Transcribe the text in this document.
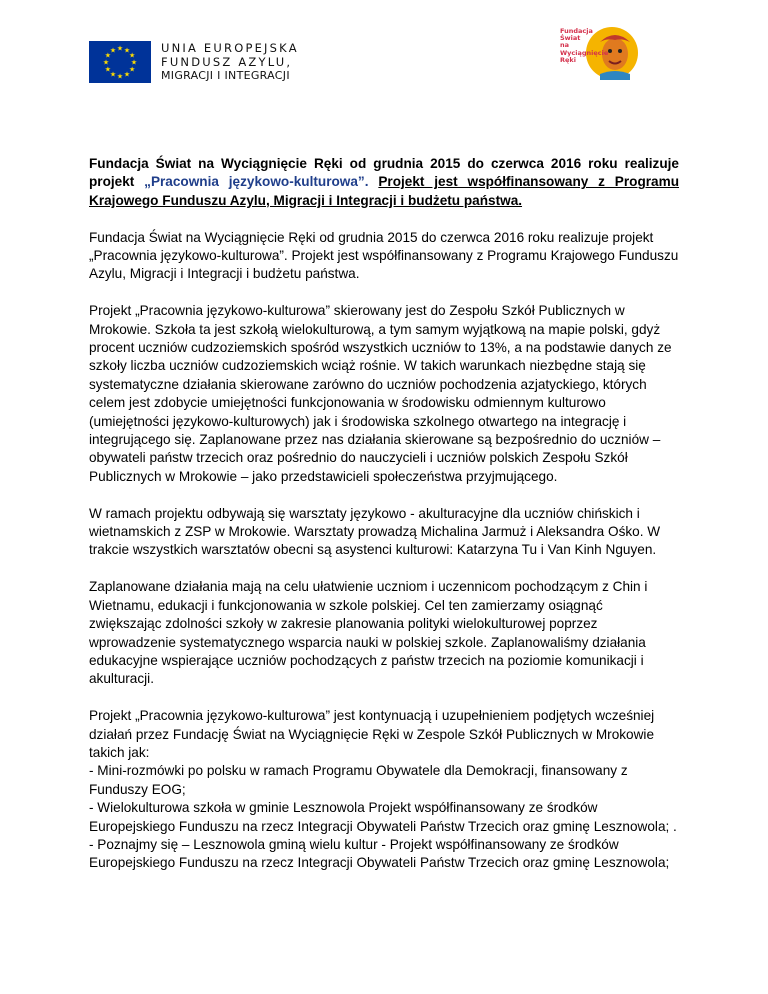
★ ★
★
★
★
★
★
★
★
★
★
★	UNIA EUROPEJSKA
FUNDUSZ AZYLU,
MIGRACJI I INTEGRACJI
Fundacja
Świat
na
Wyciągnięcie
Ręki

Fundacja Świat na Wyciągnięcie Ręki od grudnia 2015 do czerwca 2016 roku realizuje projekt „Pracownia językowo-kulturowa”. Projekt jest współfinansowany z Programu Krajowego Funduszu Azylu, Migracji i Integracji i budżetu państwa.

Fundacja Świat na Wyciągnięcie Ręki od grudnia 2015 do czerwca 2016 roku realizuje projekt „Pracownia językowo-kulturowa”. Projekt jest współfinansowany z Programu Krajowego Funduszu Azylu, Migracji i Integracji i budżetu państwa.

Projekt „Pracownia językowo-kulturowa” skierowany jest do Zespołu Szkół Publicznych w Mrokowie. Szkoła ta jest szkołą wielokulturową, a tym samym wyjątkową na mapie polski, gdyż procent uczniów cudzoziemskich spośród wszystkich uczniów to 13%, a na podstawie danych ze szkoły liczba uczniów cudzoziemskich wciąż rośnie. W takich warunkach niezbędne stają się systematyczne działania skierowane zarówno do uczniów pochodzenia azjatyckiego, których celem jest zdobycie umiejętności funkcjonowania w środowisku odmiennym kulturowo (umiejętności językowo-kulturowych) jak i środowiska szkolnego otwartego na integrację i integrującego się. Zaplanowane przez nas działania skierowane są bezpośrednio do uczniów – obywateli państw trzecich oraz pośrednio do nauczycieli i uczniów polskich Zespołu Szkół Publicznych w Mrokowie – jako przedstawicieli społeczeństwa przyjmującego.

W ramach projektu odbywają się warsztaty językowo - akulturacyjne dla uczniów chińskich i wietnamskich z ZSP w Mrokowie. Warsztaty prowadzą Michalina Jarmuż i Aleksandra Ośko. W trakcie wszystkich warsztatów obecni są asystenci kulturowi: Katarzyna Tu i Van Kinh Nguyen.

Zaplanowane działania mają na celu ułatwienie uczniom i uczennicom pochodzącym z Chin i Wietnamu, edukacji i funkcjonowania w szkole polskiej. Cel ten zamierzamy osiągnąć zwiększając zdolności szkoły w zakresie planowania polityki wielokulturowej poprzez wprowadzenie systematycznego wsparcia nauki w polskiej szkole. Zaplanowaliśmy działania edukacyjne wspierające uczniów pochodzących z państw trzecich na poziomie komunikacji i akulturacji.

Projekt „Pracownia językowo-kulturowa” jest kontynuacją i uzupełnieniem podjętych wcześniej działań przez Fundację Świat na Wyciągnięcie Ręki w Zespole Szkół Publicznych w Mrokowie takich jak:
- Mini-rozmówki po polsku w ramach Programu Obywatele dla Demokracji, finansowany z Funduszy EOG;
- Wielokulturowa szkoła w gminie Lesznowola Projekt współfinansowany ze środków Europejskiego Funduszu na rzecz Integracji Obywateli Państw Trzecich oraz gminę Lesznowola; .
- Poznajmy się – Lesznowola gminą wielu kultur - Projekt współfinansowany ze środków Europejskiego Funduszu na rzecz Integracji Obywateli Państw Trzecich oraz gminę Lesznowola;
